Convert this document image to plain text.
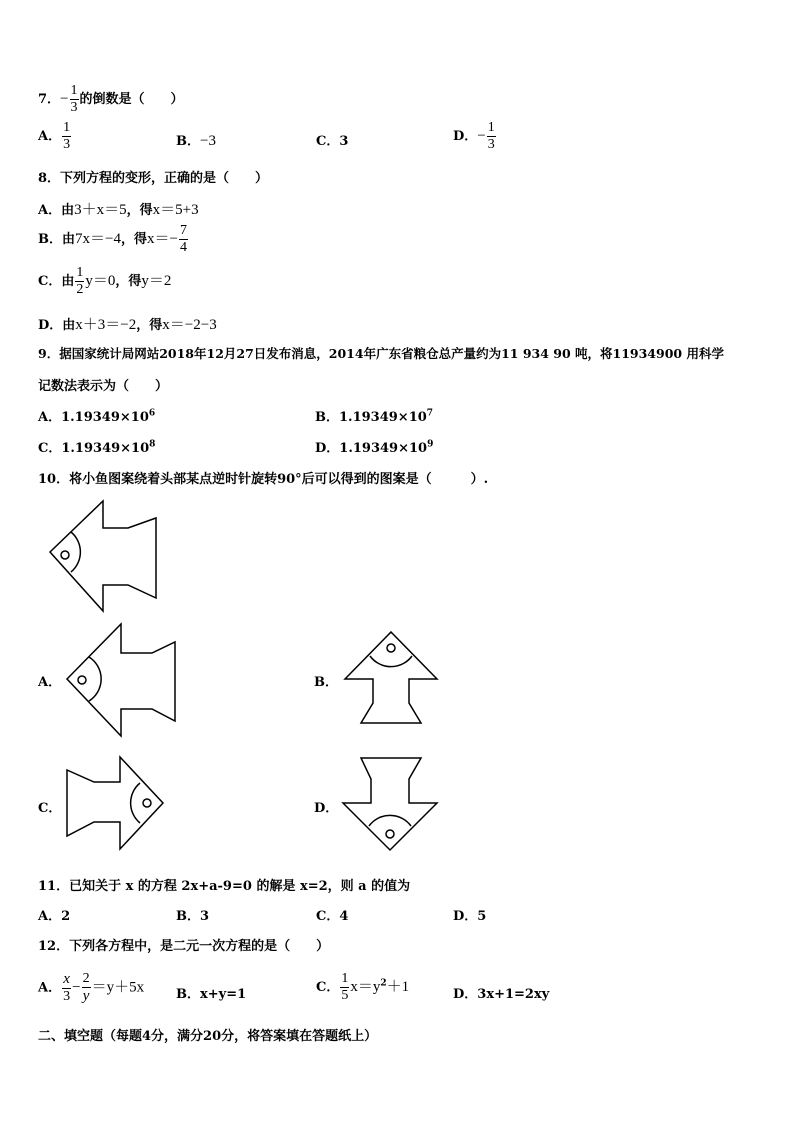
7．− $\frac{1}{3}$ 的倒数是（　　）
A． $\frac{1}{3}$	B．−3	C．3	D．− $\frac{1}{3}$
8．下列方程的变形，正确的是（　　）
A．由3＋x＝5，得x＝5+3
B．由7x＝−4，得$x=- \frac{7}{4}$
C．由 $\frac{1}{2} y=0$，得y＝2
D．由x＋3＝−2，得x＝−2−3
9．据国家统计局网站2018年12月27日发布消息，2014年广东省粮仓总产量约为11 934 90 吨，将11934900 用科学
记数法表示为（　　）
A．$1.19349\times 10^6$	B．$1.19349\times 10^7$
C．$1.19349\times 10^8$	D．$1.19349\times 10^9$
10．将小鱼图案绕着头部某点逆时针旋转90°后可以得到的图案是（　　　）.
A．	B．
C．	D．
11．已知关于 x 的方程 2x+a-9=0 的解是 x=2，则 a 的值为
A．2	B．3	C．4	D．5
12．下列各方程中，是二元一次方程的是（　　）
A． $\frac{x}{3} - \frac{2}{y} =y+5x$ B．x+y=1	C． $\frac{1}{5} x=y^2+1$	D．3x+1=2xy
二、填空题（每题4分，满分20分，将答案填在答题纸上）
